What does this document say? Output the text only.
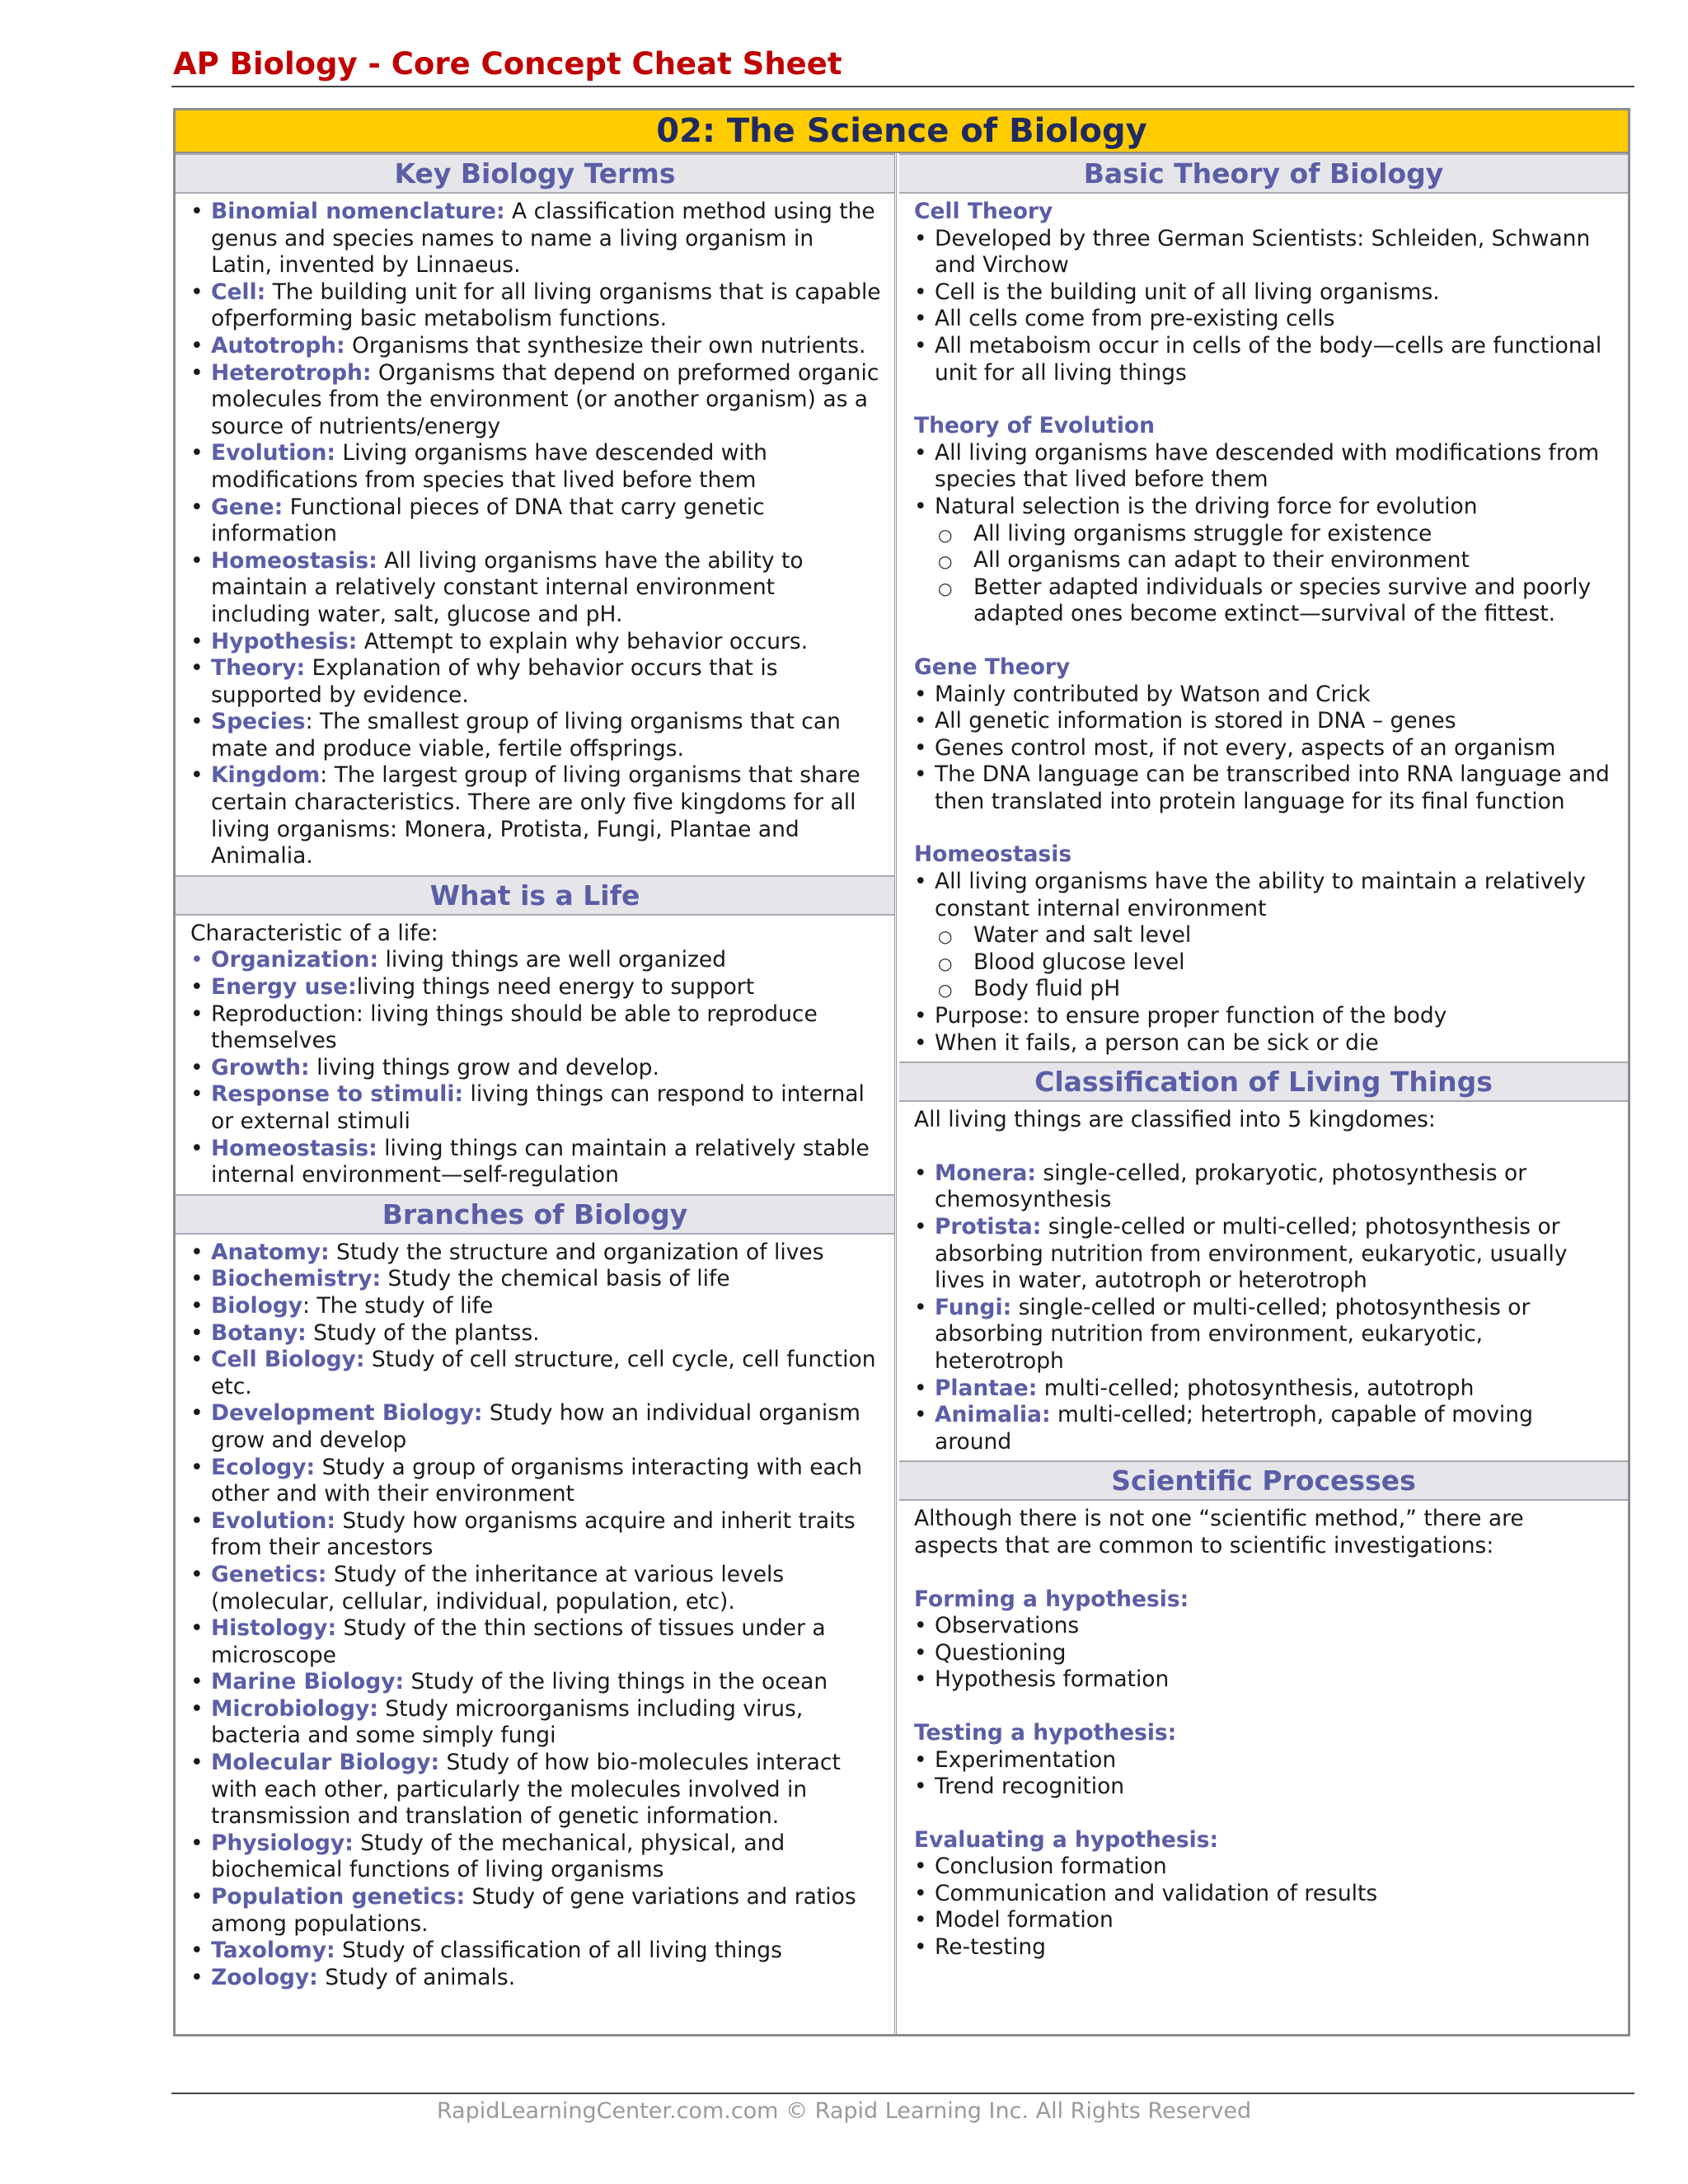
AP Biology - Core Concept Cheat Sheet
02: The Science of Biology
Key Biology Terms
• Binomial nomenclature: A classification method using the genus and species names to name a living organism in Latin, invented by Linnaeus.
• Cell: The building unit for all living organisms that is capable ofperforming basic metabolism functions.
• Autotroph: Organisms that synthesize their own nutrients.
• Heterotroph: Organisms that depend on preformed organic molecules from the environment (or another organism) as a source of nutrients/energy
• Evolution: Living organisms have descended with modifications from species that lived before them
• Gene: Functional pieces of DNA that carry genetic information
• Homeostasis: All living organisms have the ability to maintain a relatively constant internal environment including water, salt, glucose and pH.
• Hypothesis: Attempt to explain why behavior occurs.
• Theory: Explanation of why behavior occurs that is supported by evidence.
• Species: The smallest group of living organisms that can mate and produce viable, fertile offsprings.
• Kingdom: The largest group of living organisms that share certain characteristics. There are only five kingdoms for all living organisms: Monera, Protista, Fungi, Plantae and Animalia.
What is a Life
Characteristic of a life:
• Organization: living things are well organized
• Energy use:living things need energy to support
• Reproduction: living things should be able to reproduce themselves
• Growth: living things grow and develop.
• Response to stimuli: living things can respond to internal or external stimuli
• Homeostasis: living things can maintain a relatively stable internal environment—self-regulation
Branches of Biology
• Anatomy: Study the structure and organization of lives
• Biochemistry: Study the chemical basis of life
• Biology: The study of life
• Botany: Study of the plantss.
• Cell Biology: Study of cell structure, cell cycle, cell function etc.
• Development Biology: Study how an individual organism grow and develop
• Ecology: Study a group of organisms interacting with each other and with their environment
• Evolution: Study how organisms acquire and inherit traits from their ancestors
• Genetics: Study of the inheritance at various levels (molecular, cellular, individual, population, etc).
• Histology: Study of the thin sections of tissues under a microscope
• Marine Biology: Study of the living things in the ocean
• Microbiology: Study microorganisms including virus, bacteria and some simply fungi
• Molecular Biology: Study of how bio-molecules interact with each other, particularly the molecules involved in transmission and translation of genetic information.
• Physiology: Study of the mechanical, physical, and biochemical functions of living organisms
• Population genetics: Study of gene variations and ratios among populations.
• Taxolomy: Study of classification of all living things
• Zoology: Study of animals.
Basic Theory of Biology
Cell Theory
• Developed by three German Scientists: Schleiden, Schwann and Virchow
• Cell is the building unit of all living organisms.
• All cells come from pre-existing cells
• All metaboism occur in cells of the body—cells are functional unit for all living things
Theory of Evolution
• All living organisms have descended with modifications from species that lived before them
• Natural selection is the driving force for evolution
○ All living organisms struggle for existence
○ All organisms can adapt to their environment
○ Better adapted individuals or species survive and poorly adapted ones become extinct—survival of the fittest.
Gene Theory
• Mainly contributed by Watson and Crick
• All genetic information is stored in DNA – genes
• Genes control most, if not every, aspects of an organism
• The DNA language can be transcribed into RNA language and then translated into protein language for its final function
Homeostasis
• All living organisms have the ability to maintain a relatively constant internal environment
○ Water and salt level
○ Blood glucose level
○ Body fluid pH
• Purpose: to ensure proper function of the body
• When it fails, a person can be sick or die
Classification of Living Things
All living things are classified into 5 kingdomes:
• Monera: single-celled, prokaryotic, photosynthesis or chemosynthesis
• Protista: single-celled or multi-celled; photosynthesis or absorbing nutrition from environment, eukaryotic, usually lives in water, autotroph or heterotroph
• Fungi: single-celled or multi-celled; photosynthesis or absorbing nutrition from environment, eukaryotic, heterotroph
• Plantae: multi-celled; photosynthesis, autotroph
• Animalia: multi-celled; hetertroph, capable of moving around
Scientific Processes
Although there is not one “scientific method,” there are aspects that are common to scientific investigations:
Forming a hypothesis:
• Observations
• Questioning
• Hypothesis formation
Testing a hypothesis:
• Experimentation
• Trend recognition
Evaluating a hypothesis:
• Conclusion formation
• Communication and validation of results
• Model formation
• Re-testing
RapidLearningCenter.com.com © Rapid Learning Inc. All Rights Reserved
